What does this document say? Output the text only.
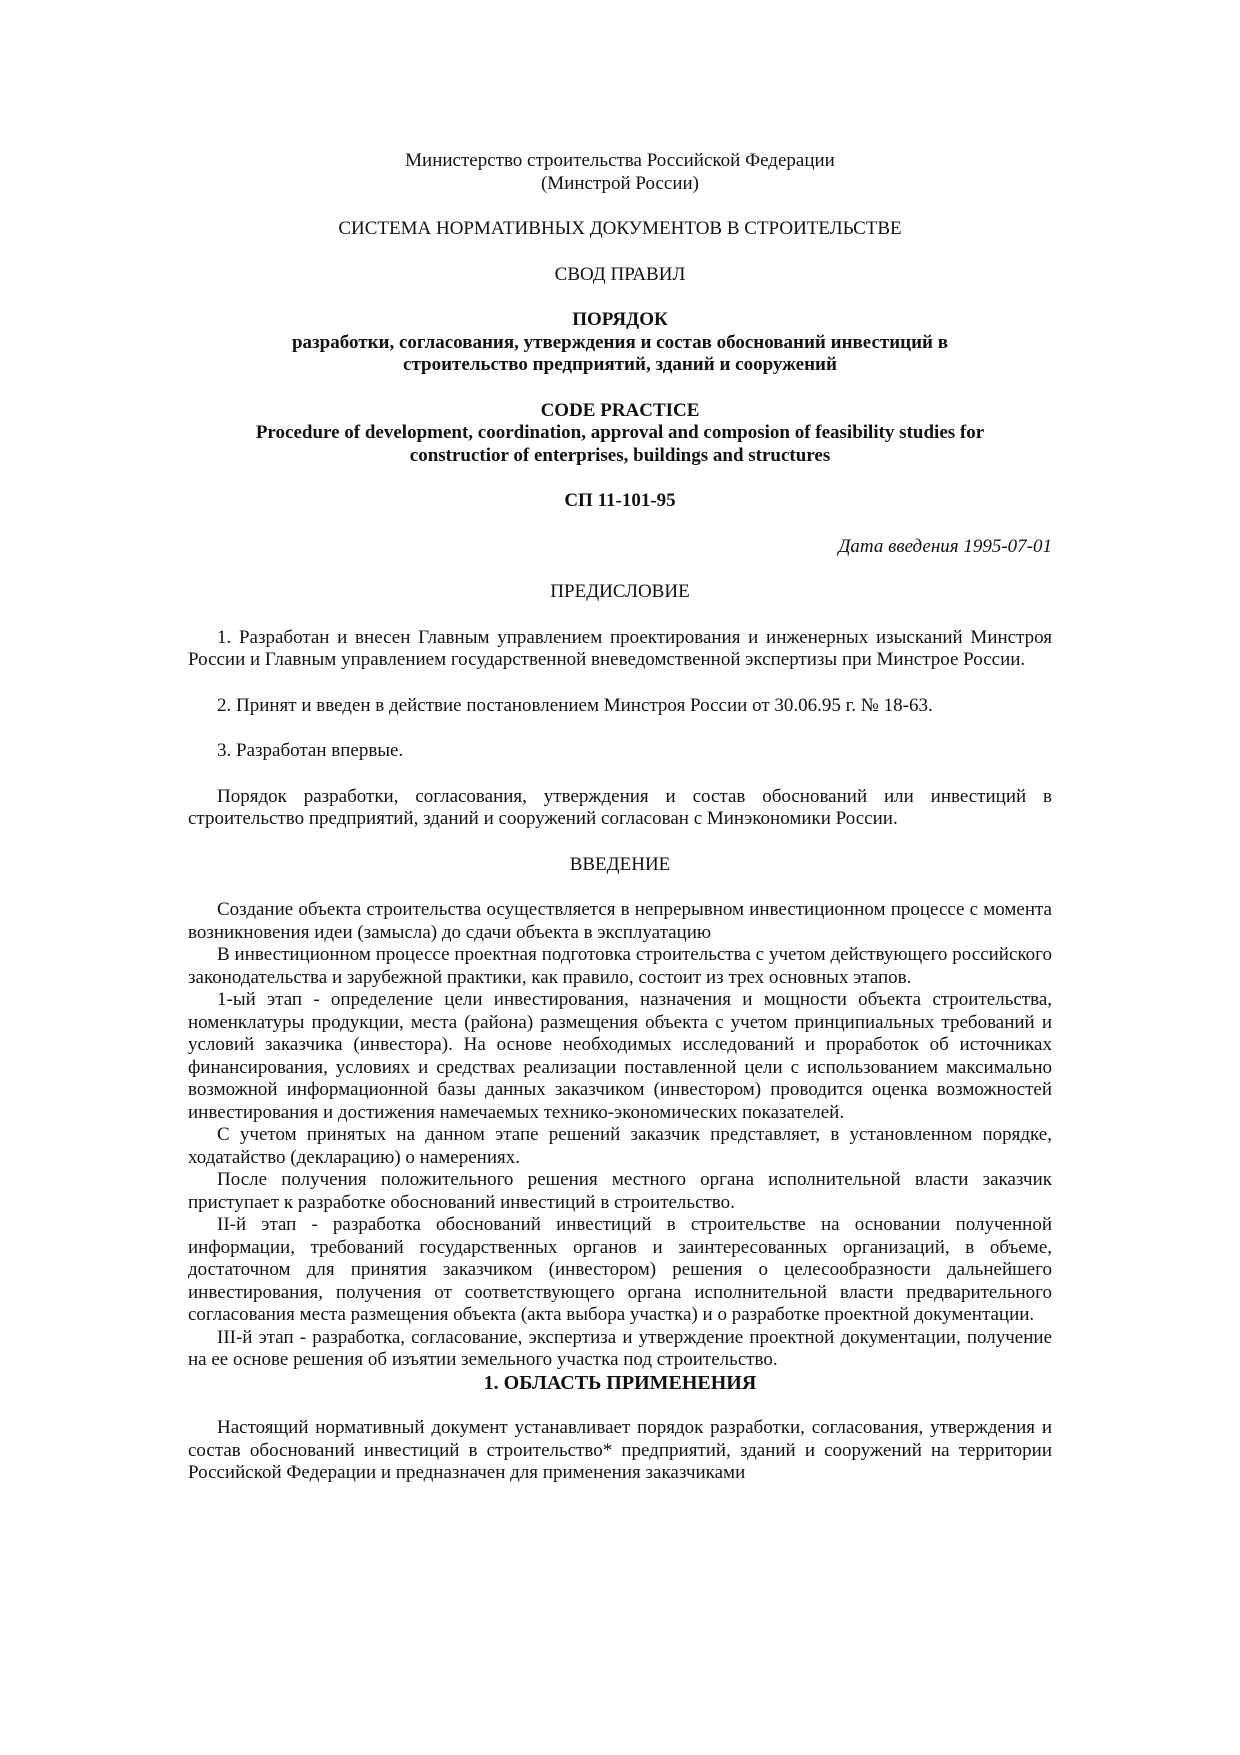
Министерство строительства Российской Федерации
(Минстрой России)
СИСТЕМА НОРМАТИВНЫХ ДОКУМЕНТОВ В СТРОИТЕЛЬСТВЕ
СВОД ПРАВИЛ
ПОРЯДОК
разработки, согласования, утверждения и состав обоснований инвестиций в
строительство предприятий, зданий и сооружений
CODE PRACTICE
Procedure of development, coordination, approval and composion of feasibility studies for
constructior of enterprises, buildings and structures
СП 11-101-95
Дата введения 1995-07-01
ПРЕДИСЛОВИЕ

1. Разработан и внесен Главным управлением проектирования и инженерных изысканий Минстроя России и Главным управлением государственной вневедомственной экспертизы при Минстрое России.

2. Принят и введен в действие постановлением Минстроя России от 30.06.95 г. № 18-63.

3. Разработан впервые.

Порядок разработки, согласования, утверждения и состав обоснований или инвестиций в строительство предприятий, зданий и сооружений согласован с Минэкономики России.

ВВЕДЕНИЕ

Создание объекта строительства осуществляется в непрерывном инвестиционном процессе с момента возникновения идеи (замысла) до сдачи объекта в эксплуатацию

В инвестиционном процессе проектная подготовка строительства с учетом действующего российского законодательства и зарубежной практики, как правило, состоит из трех основных этапов.

1-ый этап - определение цели инвестирования, назначения и мощности объекта строительства, номенклатуры продукции, места (района) размещения объекта с учетом принципиальных требований и условий заказчика (инвестора). На основе необходимых исследований и проработок об источниках финансирования, условиях и средствах реализации поставленной цели с использованием максимально возможной информационной базы данных заказчиком (инвестором) проводится оценка возможностей инвестирования и достижения намечаемых технико-экономических показателей.

С учетом принятых на данном этапе решений заказчик представляет, в установленном порядке, ходатайство (декларацию) о намерениях.

После получения положительного решения местного органа исполнительной власти заказчик приступает к разработке обоснований инвестиций в строительство.

II-й этап - разработка обоснований инвестиций в строительстве на основании полученной информации, требований государственных органов и заинтересованных организаций, в объеме, достаточном для принятия заказчиком (инвестором) решения о целесообразности дальнейшего инвестирования, получения от соответствующего органа исполнительной власти предварительного согласования места размещения объекта (акта выбора участка) и о разработке проектной документации.

III-й этап - разработка, согласование, экспертиза и утверждение проектной документации, получение на ее основе решения об изъятии земельного участка под строительство.

1. ОБЛАСТЬ ПРИМЕНЕНИЯ

Настоящий нормативный документ устанавливает порядок разработки, согласования, утверждения и состав обоснований инвестиций в строительство* предприятий, зданий и сооружений на территории Российской Федерации и предназначен для применения заказчиками
